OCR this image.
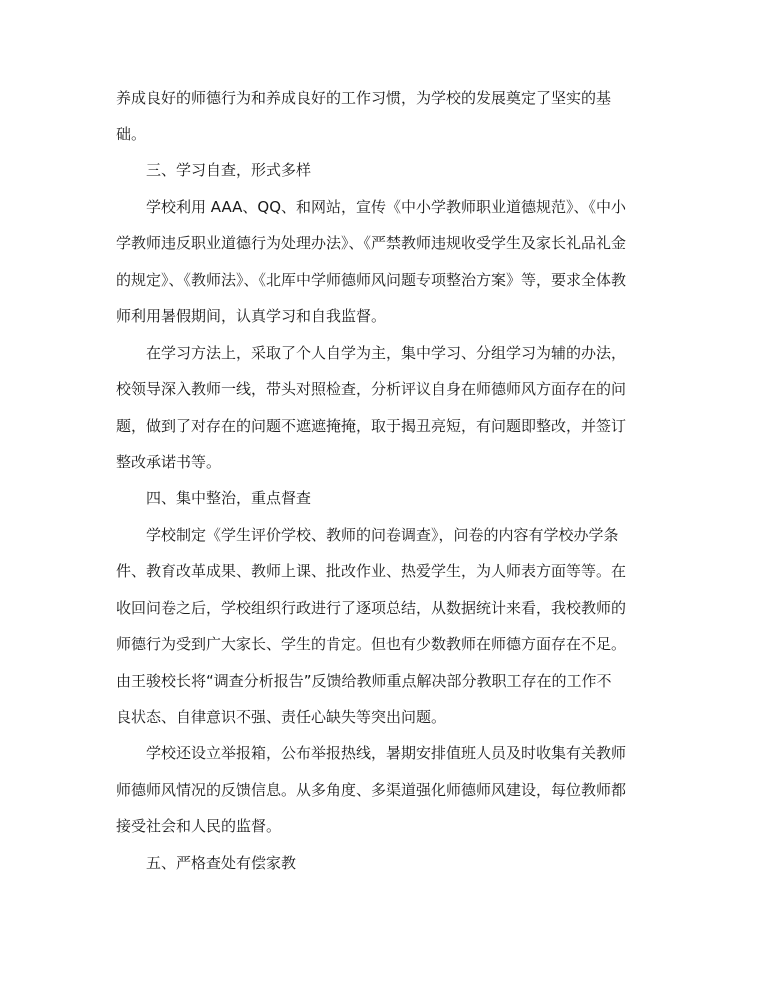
养成良好的师德行为和养成良好的工作习惯，为学校的发展奠定了坚实的基
础。
三、学习自查，形式多样
学校利用 AAA、QQ、和网站，宣传《中小学教师职业道德规范》、《中小
学教师违反职业道德行为处理办法》、《严禁教师违规收受学生及家长礼品礼金
的规定》、《教师法》、《北厍中学师德师风问题专项整治方案》等，要求全体教
师利用暑假期间，认真学习和自我监督。
在学习方法上，采取了个人自学为主，集中学习、分组学习为辅的办法，
校领导深入教师一线，带头对照检查，分析评议自身在师德师风方面存在的问
题，做到了对存在的问题不遮遮掩掩，取于揭丑亮短，有问题即整改，并签订
整改承诺书等。
四、集中整治，重点督查
学校制定《学生评价学校、教师的问卷调查》，问卷的内容有学校办学条
件、教育改革成果、教师上课、批改作业、热爱学生，为人师表方面等等。在
收回问卷之后，学校组织行政进行了逐项总结，从数据统计来看，我校教师的
师德行为受到广大家长、学生的肯定。但也有少数教师在师德方面存在不足。
由王骏校长将“调查分析报告”反馈给教师重点解决部分教职工存在的工作不
良状态、自律意识不强、责任心缺失等突出问题。
学校还设立举报箱，公布举报热线，暑期安排值班人员及时收集有关教师
师德师风情况的反馈信息。从多角度、多渠道强化师德师风建设，每位教师都
接受社会和人民的监督。
五、严格查处有偿家教
